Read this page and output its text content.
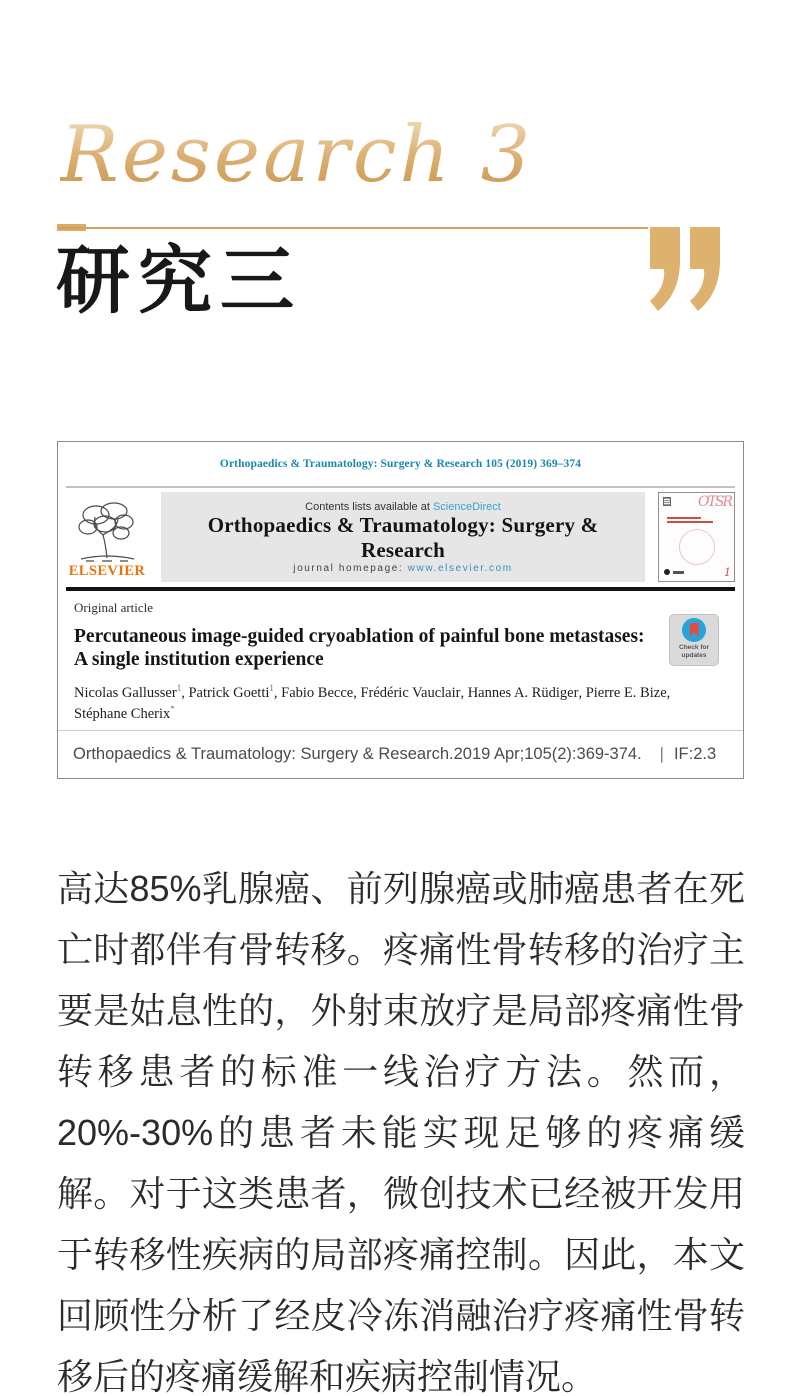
Research 3
研究三
Orthopaedics & Traumatology: Surgery & Research 105 (2019) 369–374
ELSEVIER
Contents lists available at ScienceDirect
Orthopaedics & Traumatology: Surgery & Research
journal homepage: www.elsevier.com
OTSR
1
Original article
Percutaneous image-guided cryoablation of painful bone metastases: A single institution experience
Check for
updates
Nicolas Gallusser$^1$ , Patrick Goetti$^1$ , Fabio Becce , Frédéric Vauclair , Hannes A. Rüdiger , Pierre E. Bize , Stéphane Cherix*
Orthopaedics & Traumatology: Surgery & Research.2019 Apr;105(2):369-374. | IF:2.3
高达85%乳腺癌、前列腺癌或肺癌患者在死亡时都伴有骨转移。疼痛性骨转移的治疗主要是姑息性的，外射束放疗是局部疼痛性骨转移患者的标准一线治疗方法。然而，20%-30%的患者未能实现足够的疼痛缓解。对于这类患者，微创技术已经被开发用于转移性疾病的局部疼痛控制。因此，本文回顾性分析了经皮冷冻消融治疗疼痛性骨转移后的疼痛缓解和疾病控制情况。
